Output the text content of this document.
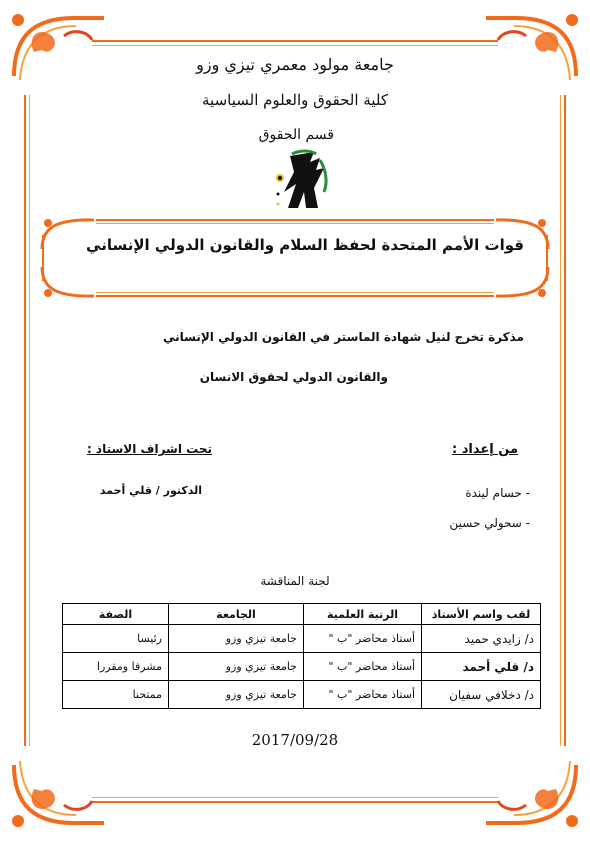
جامعة مولود معمري تيزي وزو
كلية الحقوق والعلوم السياسية
قسم الحقوق
قوات الأمم المتحدة لحفظ السلام والقانون الدولي الإنساني
مذكرة تخرج لنيل شهادة الماستر في القانون الدولي الإنساني
والقانون الدولي لحقوق الانسان
من إعداد :
تحت اشراف الاستاذ :
- حسام ليندة
- سحولي حسين
الدكتور / قلي أحمد
لجنة المناقشة
لقب واسم الأستاذ	الرتبة العلمية	الجامعة	الصفة
د/ زايدي حميد	أستاذ محاضر "ب "	جامعة تيزي وزو	رئيسا
د/ قلي أحمد	أستاذ محاضر "ب "	جامعة تيزي وزو	مشرفا ومقررا
د/ دخلافي سفيان	أستاذ محاضر "ب "	جامعة تيزي وزو	ممتحنا
2017/09/28
